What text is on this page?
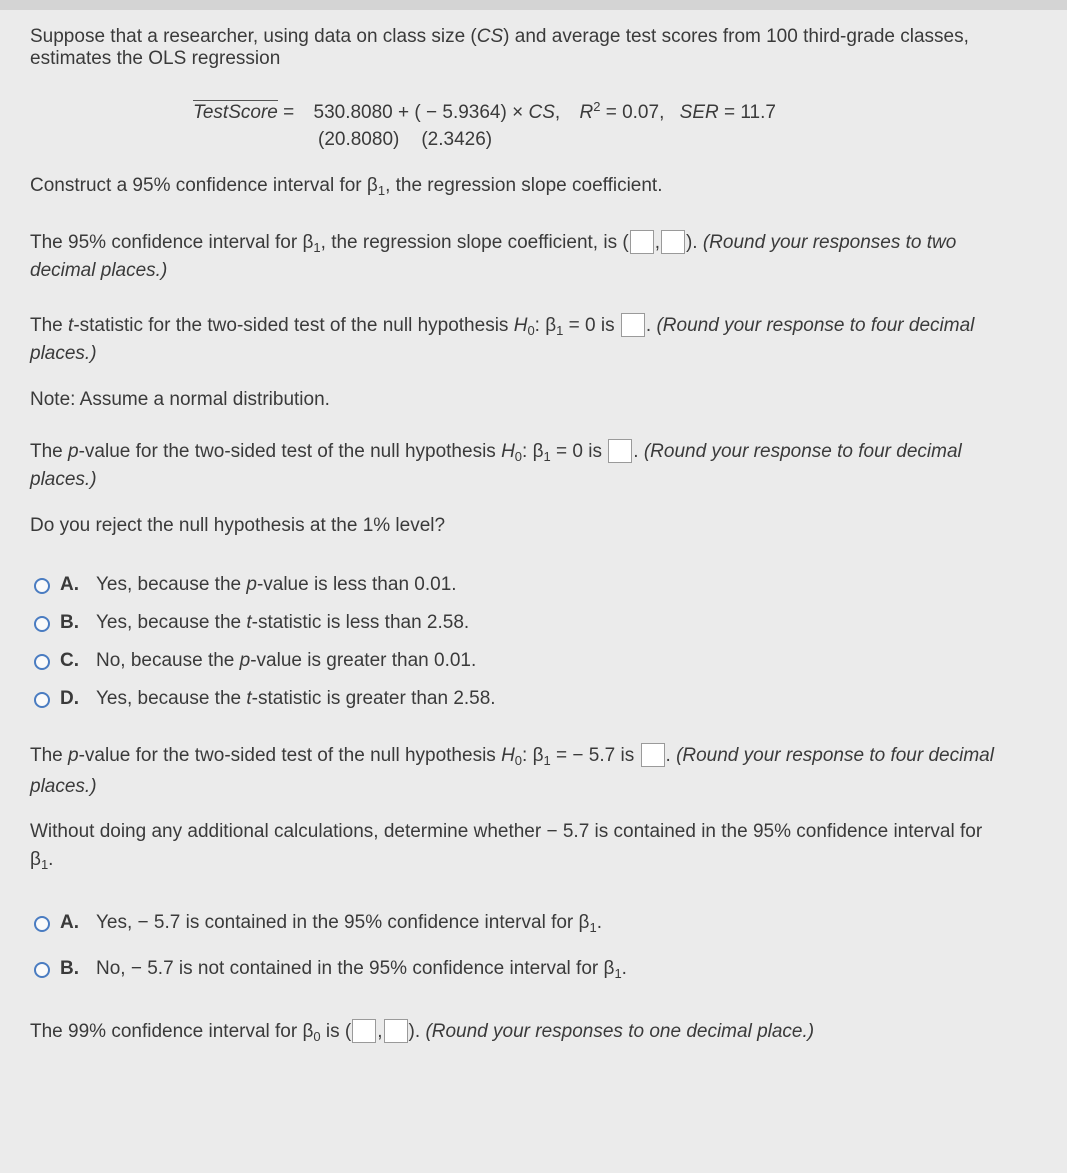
Suppose that a researcher, using data on class size (CS) and average test scores from 100 third-grade classes,
estimates the OLS regression
TestScore = 530.8080 + ( − 5.9364) × CS, $R^2 = 0.07$, SER = 11.7
(20.8080) (2.3426)
Construct a 95% confidence interval for $\beta_1$, the regression slope coefficient.
The 95% confidence interval for $\beta_1$, the regression slope coefficient, is ( , ). (Round your responses to two
decimal places.)
The t-statistic for the two-sided test of the null hypothesis $H_0$: $\beta_1 = 0$ is . (Round your response to four decimal
places.)
Note: Assume a normal distribution.
The p-value for the two-sided test of the null hypothesis $H_0$: $\beta_1 = 0$ is . (Round your response to four decimal
places.)
Do you reject the null hypothesis at the 1% level?
A. Yes, because the p-value is less than 0.01.
B. Yes, because the t-statistic is less than 2.58.
C. No, because the p-value is greater than 0.01.
D. Yes, because the t-statistic is greater than 2.58.
The p-value for the two-sided test of the null hypothesis $H_0$: $\beta_1$ = − 5.7 is . (Round your response to four decimal
places.)
Without doing any additional calculations, determine whether − 5.7 is contained in the 95% confidence interval for
$\beta_1$.
A. Yes, − 5.7 is contained in the 95% confidence interval for $\beta_1$.
B. No, − 5.7 is not contained in the 95% confidence interval for $\beta_1$.
The 99% confidence interval for $\beta_0$ is ( , ). (Round your responses to one decimal place.)
